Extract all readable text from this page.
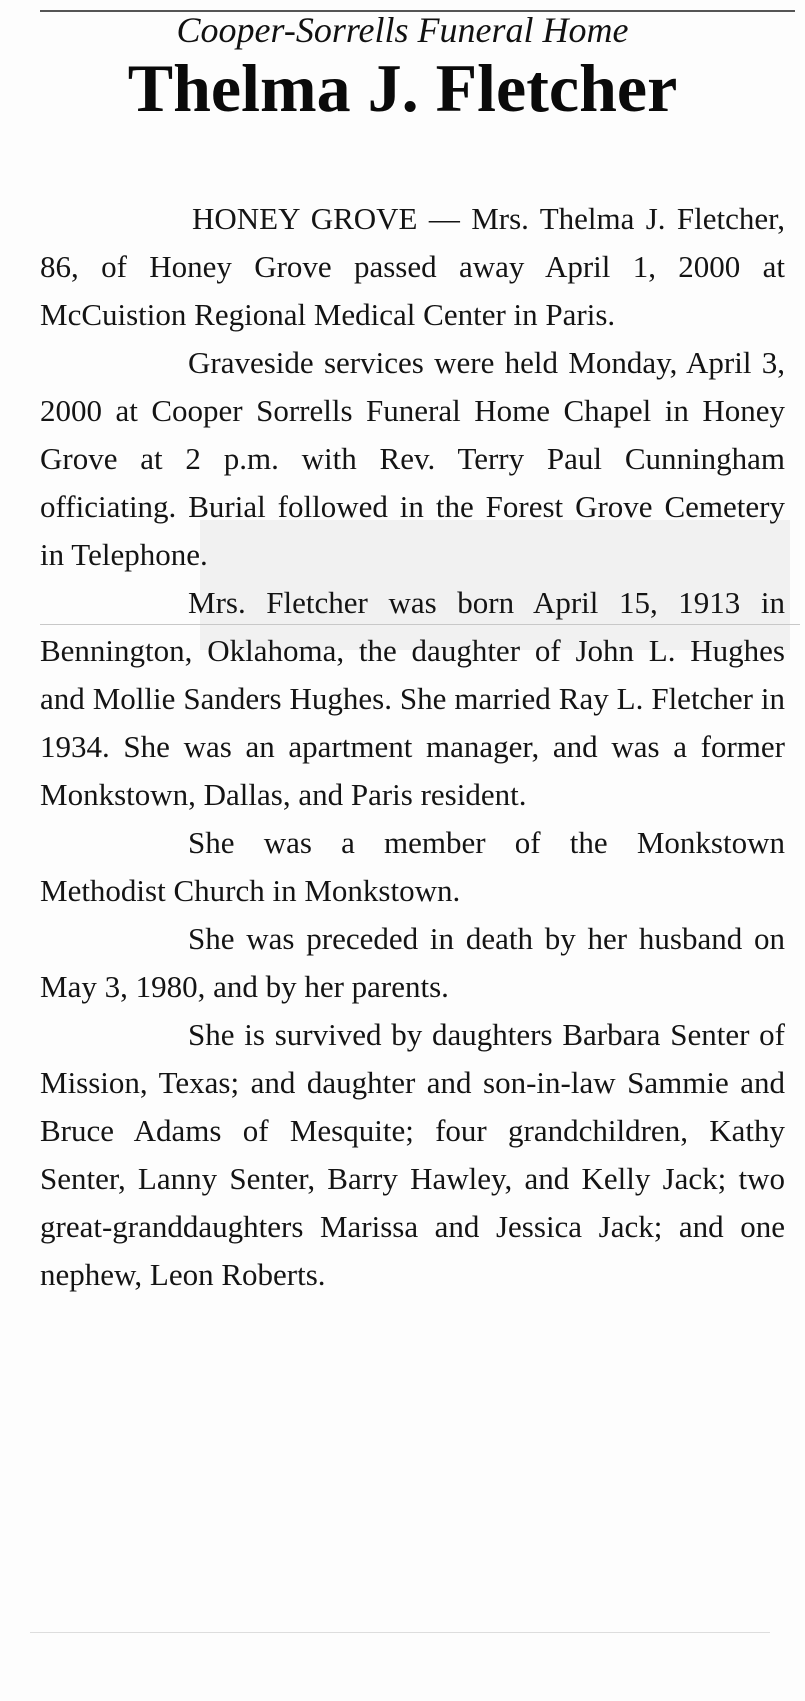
Cooper-Sorrells Funeral Home
Thelma J. Fletcher

HONEY GROVE — Mrs. Thelma J. Fletcher, 86, of Honey Grove passed away April 1, 2000 at McCuistion Regional Medical Center in Paris.

Graveside services were held Monday, April 3, 2000 at Cooper Sorrells Funeral Home Chapel in Honey Grove at 2 p.m. with Rev. Terry Paul Cunningham officiating. Burial followed in the Forest Grove Cemetery in Telephone.

Mrs. Fletcher was born April 15, 1913 in Bennington, Oklahoma, the daughter of John L. Hughes and Mollie Sanders Hughes. She married Ray L. Fletcher in 1934. She was an apartment manager, and was a former Monkstown, Dallas, and Paris resident.

She was a member of the Monkstown Methodist Church in Monkstown.

She was preceded in death by her husband on May 3, 1980, and by her parents.

She is survived by daughters Barbara Senter of Mission, Texas; and daughter and son-in-law Sammie and Bruce Adams of Mesquite; four grandchildren, Kathy Senter, Lanny Senter, Barry Hawley, and Kelly Jack; two great-granddaughters Marissa and Jessica Jack; and one nephew, Leon Roberts.
